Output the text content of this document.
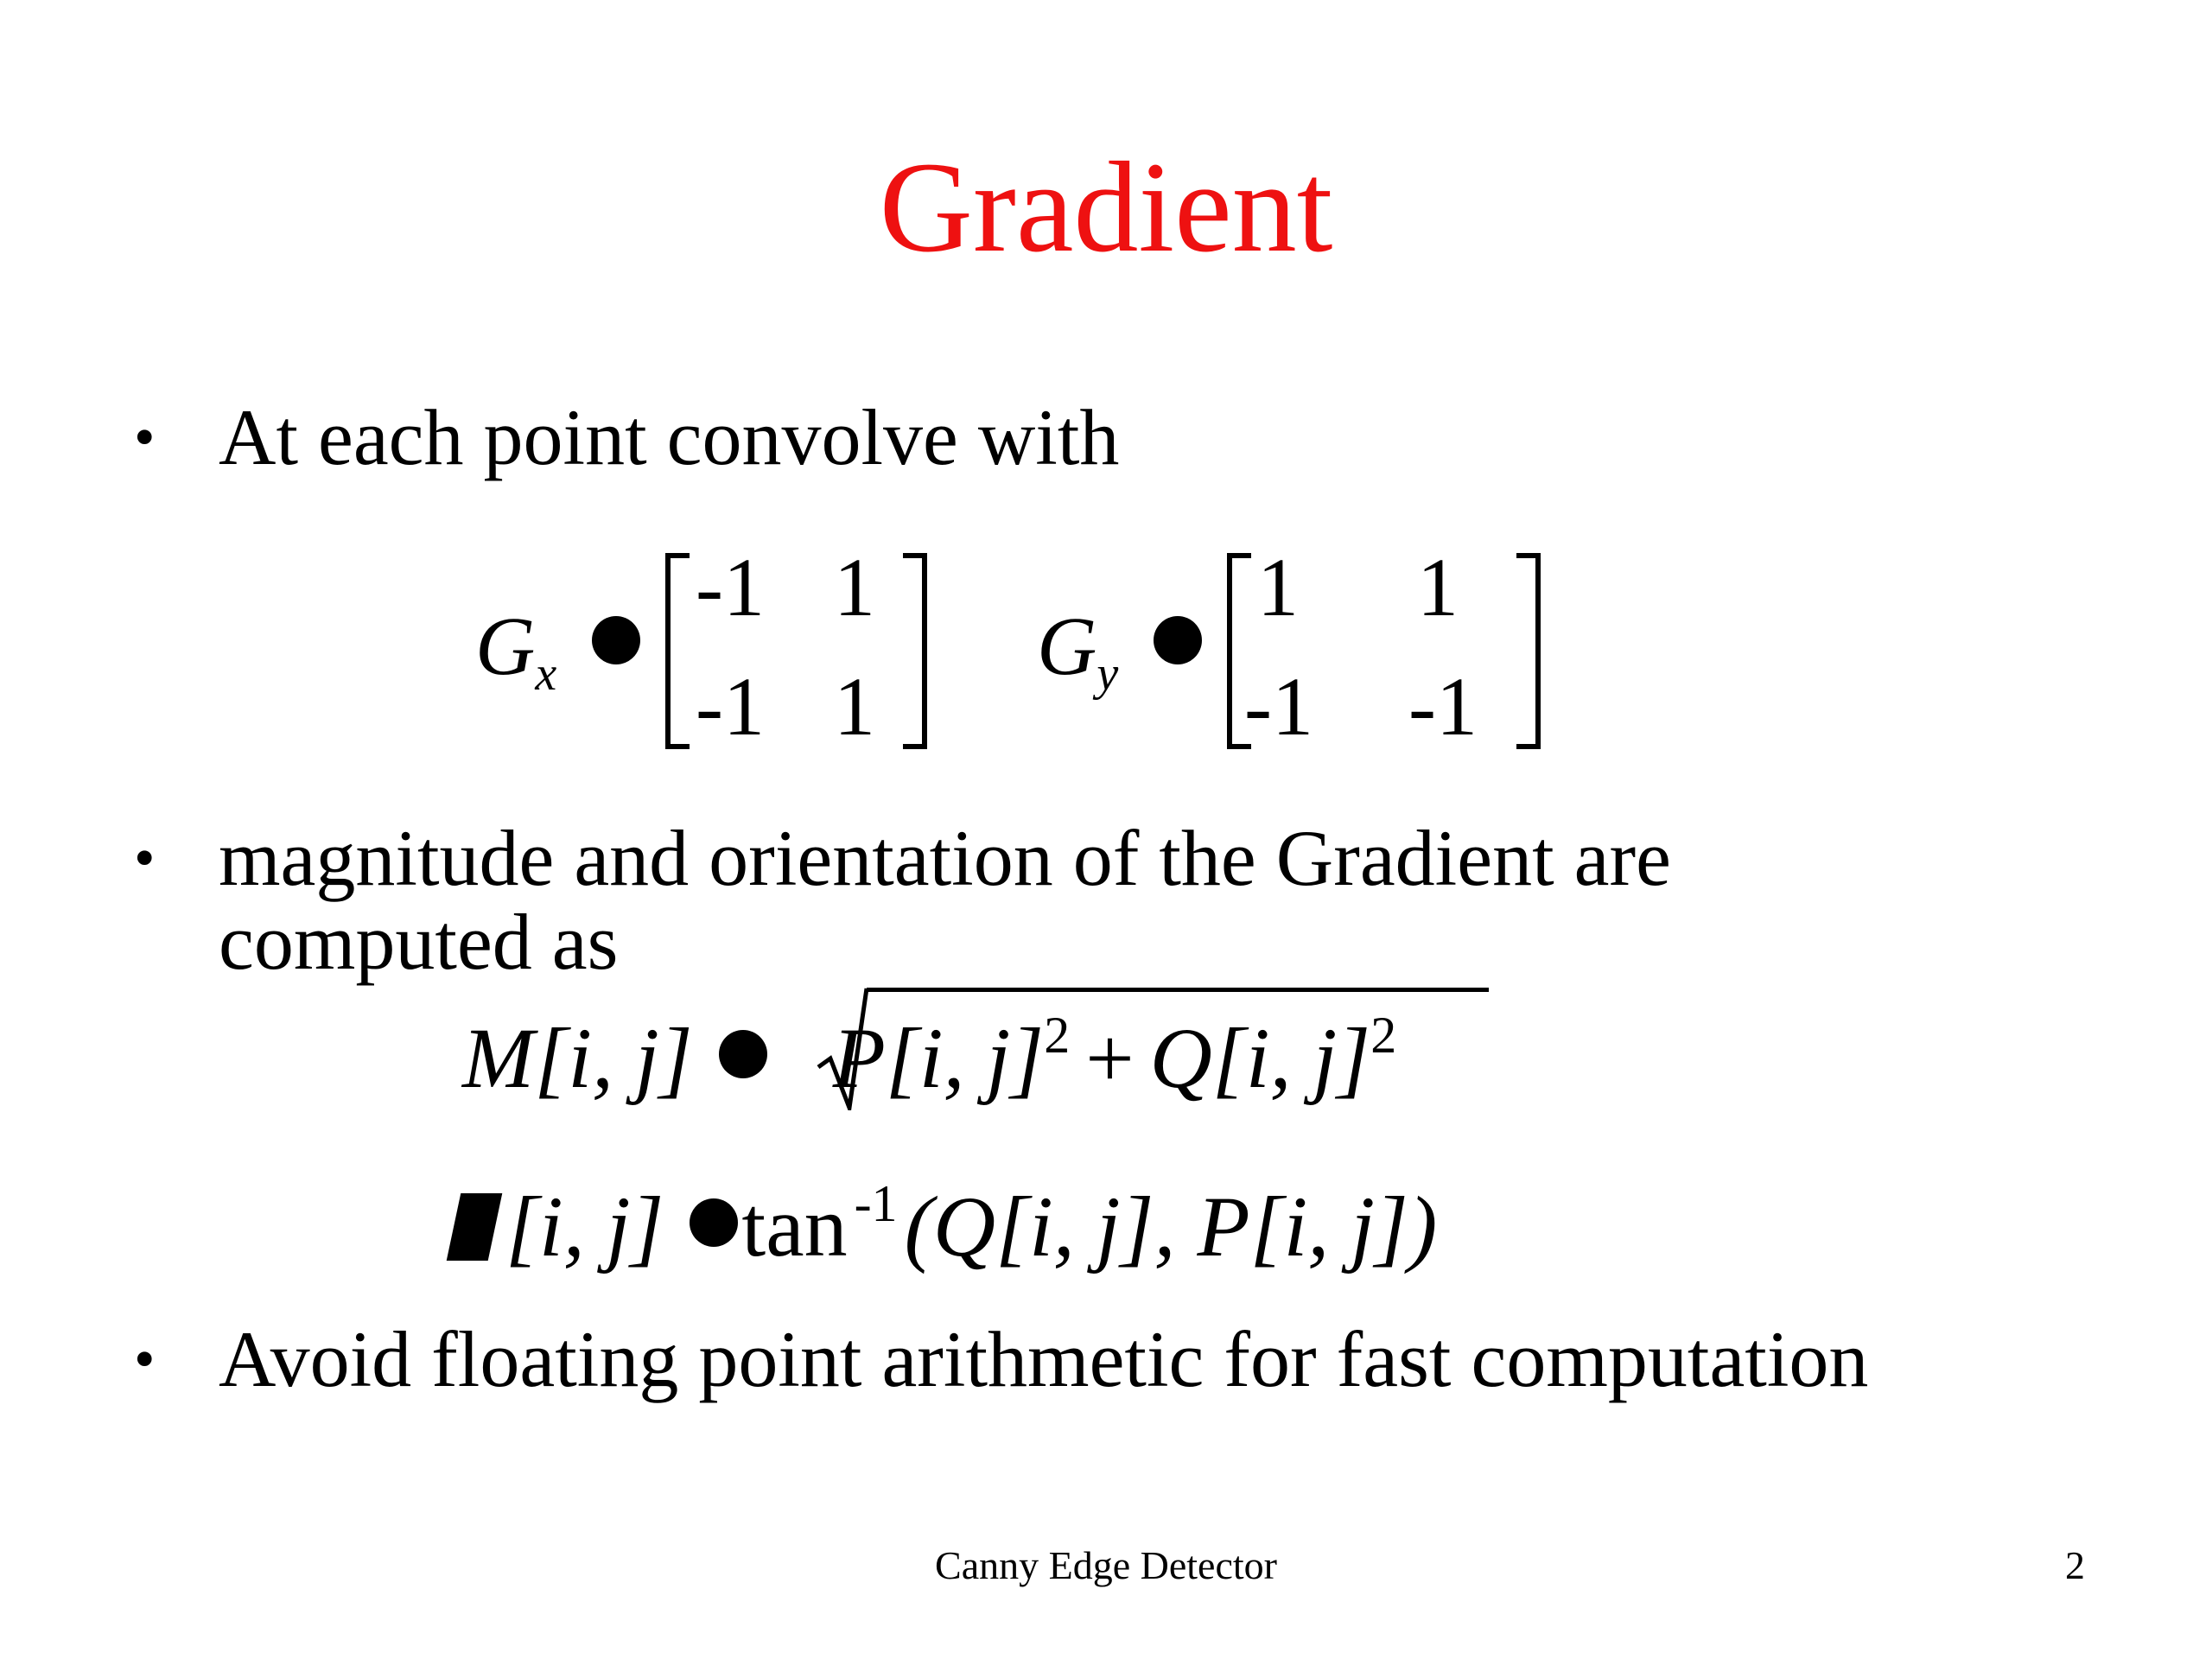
Gradient
• At each point convolve with
Gx
-1 1
-1 1
Gy
1 1
-1 -1
• magnitude and orientation of the Gradient are computed as
M[i, j] P[i, j]$^2$ + Q[i, j]$^2$
[i, j] tan $^{-1}$(Q[i, j], P[i, j])
• Avoid floating point arithmetic for fast computation
Canny Edge Detector	2
